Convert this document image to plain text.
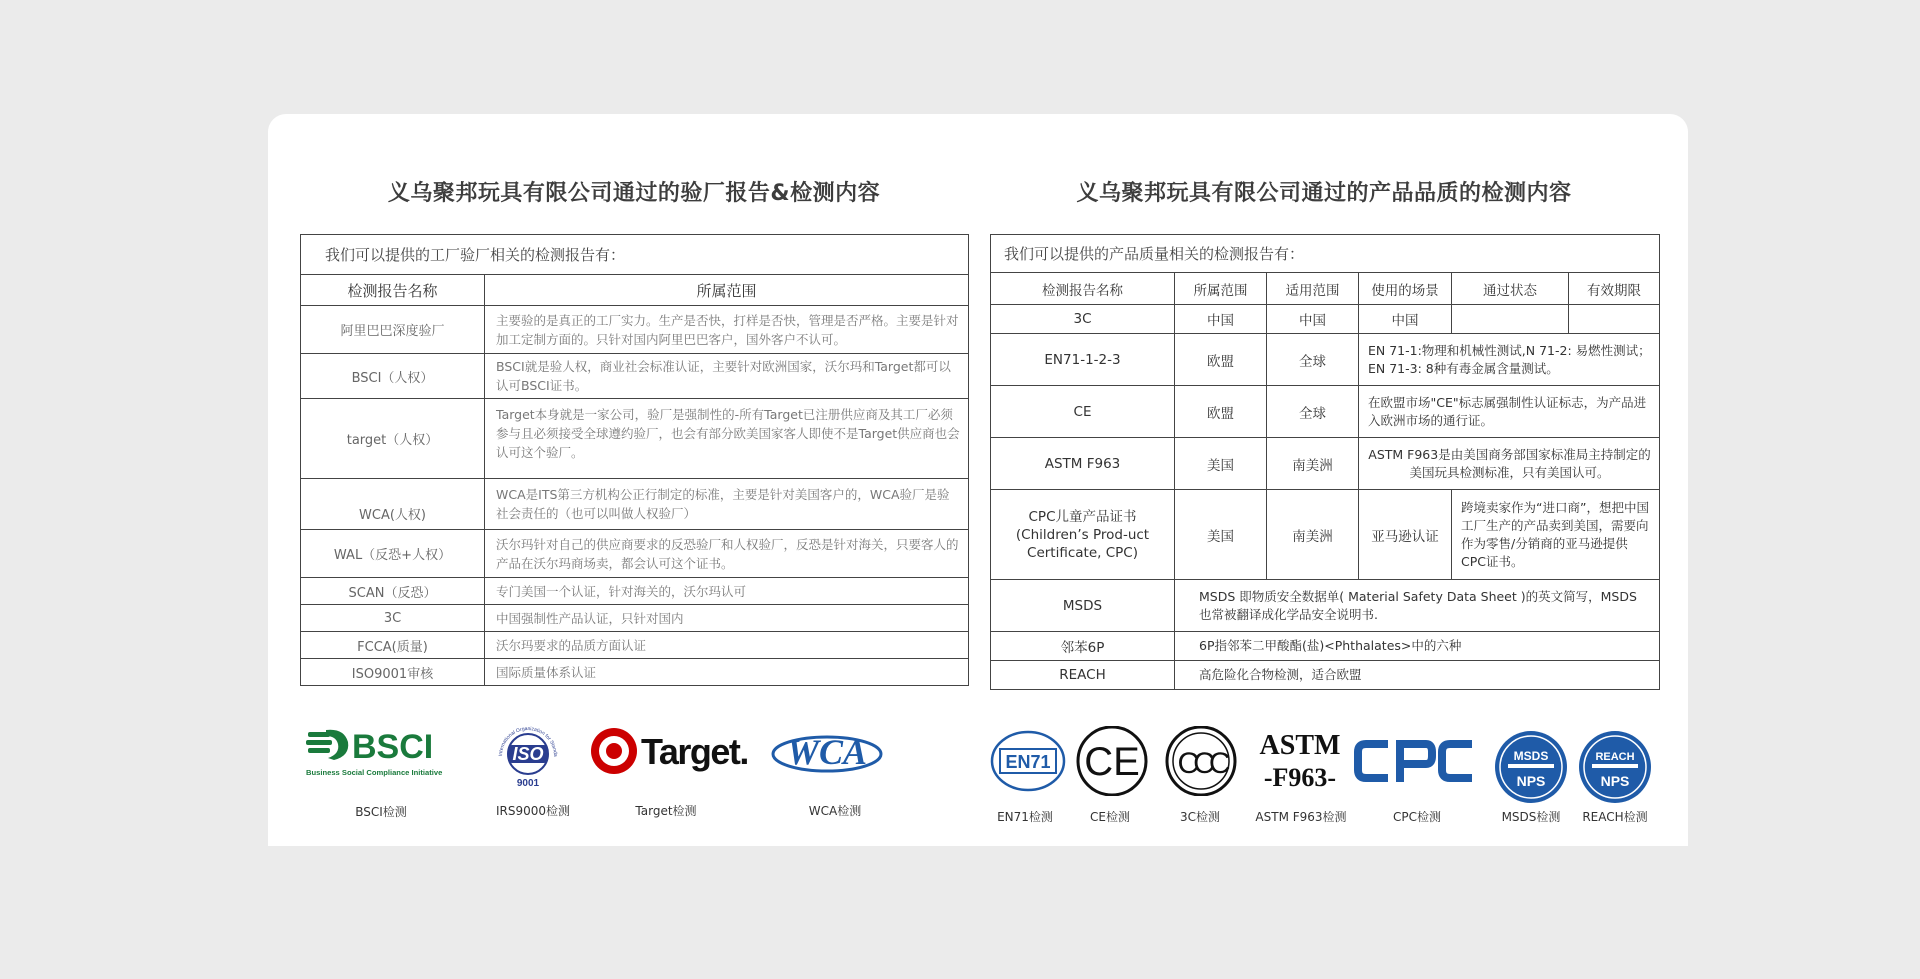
义乌聚邦玩具有限公司通过的验厂报告&检测内容	义乌聚邦玩具有限公司通过的产品品质的检测内容
我们可以提供的工厂验厂相关的检测报告有：	
检测报告名称	所属范围
阿里巴巴深度验厂	主要验的是真正的工厂实力。生产是否快，打样是否快，管理是否严格。主要是针对加工定制方面的。只针对国内阿里巴巴客户，国外客户不认可。
BSCI（人权）	BSCI就是验人权，商业社会标准认证，主要针对欧洲国家，沃尔玛和Target都可以认可BSCI证书。
target（人权）	Target本身就是一家公司，验厂是强制性的-所有Target已注册供应商及其工厂必须参与且必须接受全球遵约验厂，也会有部分欧美国家客人即使不是Target供应商也会认可这个验厂。
WCA(人权)	WCA是ITS第三方机构公正行制定的标准，主要是针对美国客户的，WCA验厂是验社会责任的（也可以叫做人权验厂）
WAL（反恐+人权）	沃尔玛针对自己的供应商要求的反恐验厂和人权验厂，反恐是针对海关，只要客人的产品在沃尔玛商场卖，都会认可这个证书。
SCAN（反恐）	专门美国一个认证，针对海关的，沃尔玛认可
3C	中国强制性产品认证，只针对国内
FCCA(质量)	沃尔玛要求的品质方面认证
ISO9001审核	国际质量体系认证
我们可以提供的产品质量相关的检测报告有：					
检测报告名称	所属范围	适用范围	使用的场景	通过状态	有效期限
3C	中国	中国	中国		
EN71-1-2-3	欧盟	全球	EN 71-1:物理和机械性测试,N 71-2: 易燃性测试；EN 71-3: 8种有毒金属含量测试。		
CE	欧盟	全球	在欧盟市场"CE"标志属强制性认证标志，为产品进入欧洲市场的通行证。		
ASTM F963	美国	南美洲	ASTM F963是由美国商务部国家标准局主持制定的美国玩具检测标准，只有美国认可。		
CPC儿童产品证书(Children’s Prod-uct Certificate, CPC)	美国	南美洲	亚马逊认证	跨境卖家作为“进口商”，想把中国工厂生产的产品卖到美国，需要向作为零售/分销商的亚马逊提供CPC证书。	
MSDS	MSDS 即物质安全数据单( Material Safety Data Sheet )的英文简写，MSDS 也常被翻译成化学品安全说明书.				
邻苯6P	6P指邻苯二甲酸酯(盐)<Phthalates>中的六种				
REACH	高危险化合物检测，适合欧盟				
BSCI
Business Social Compliance Initiative
BSCI检测
International Organization for Standa
ISO
9001
IRS9000检测
Target.
Target检测
WCA
WCA检测
EN71
EN71检测
CE
CE检测
CCC
3C检测
ASTM
-F963-
ASTM F963检测	CPC检测
MSDS
NPS
MSDS检测
REACH
NPS
REACH检测
